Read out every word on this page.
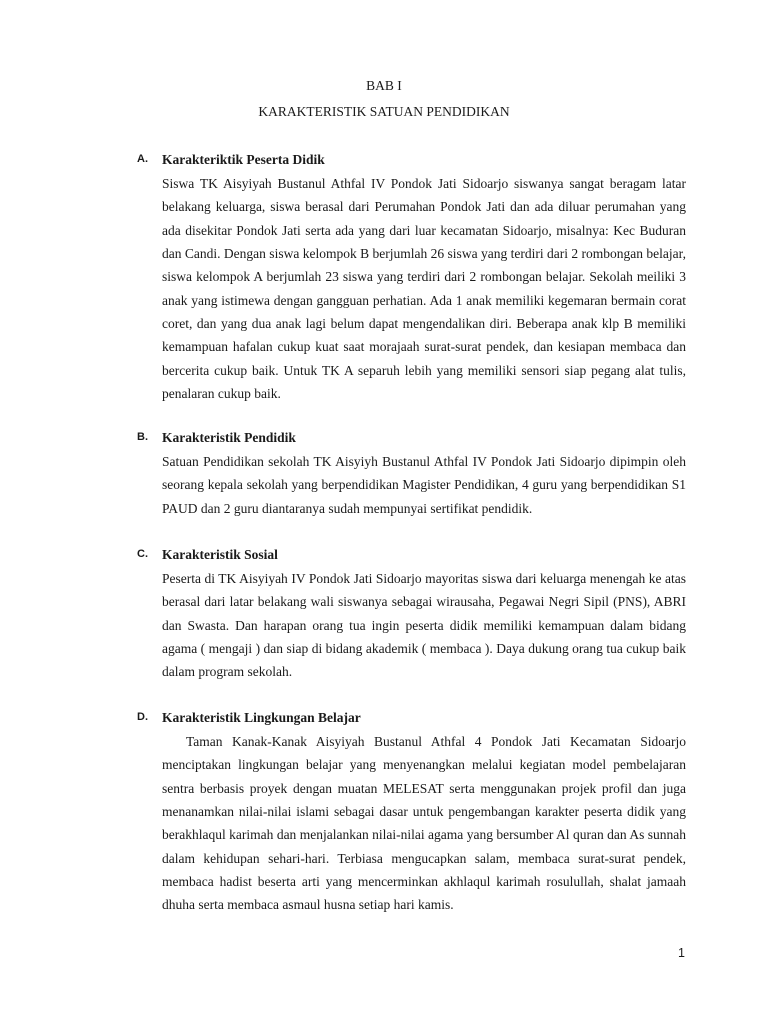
BAB I
KARAKTERISTIK SATUAN PENDIDIKAN
A. Karakteriktik Peserta Didik

Siswa TK Aisyiyah Bustanul Athfal IV Pondok Jati Sidoarjo siswanya sangat beragam latar belakang keluarga, siswa berasal dari Perumahan Pondok Jati dan ada diluar perumahan yang ada disekitar Pondok Jati serta ada yang dari luar kecamatan Sidoarjo, misalnya: Kec Buduran dan Candi. Dengan siswa kelompok B berjumlah 26 siswa yang terdiri dari 2 rombongan belajar, siswa kelompok A berjumlah 23 siswa yang terdiri dari 2 rombongan belajar. Sekolah meiliki 3 anak yang istimewa dengan gangguan perhatian. Ada 1 anak memiliki kegemaran bermain corat coret, dan yang dua anak lagi belum dapat mengendalikan diri. Beberapa anak klp B memiliki kemampuan hafalan cukup kuat saat morajaah surat-surat pendek, dan kesiapan membaca dan bercerita cukup baik. Untuk TK A separuh lebih yang memiliki sensori siap pegang alat tulis, penalaran cukup baik.

B. Karakteristik Pendidik

Satuan Pendidikan sekolah TK Aisyiyh Bustanul Athfal IV Pondok Jati Sidoarjo dipimpin oleh seorang kepala sekolah yang berpendidikan Magister Pendidikan, 4 guru yang berpendidikan S1 PAUD dan 2 guru diantaranya sudah mempunyai sertifikat pendidik.

C. Karakteristik Sosial

Peserta di TK Aisyiyah IV Pondok Jati Sidoarjo mayoritas siswa dari keluarga menengah ke atas berasal dari latar belakang wali siswanya sebagai wirausaha, Pegawai Negri Sipil (PNS), ABRI dan Swasta. Dan harapan orang tua ingin peserta didik memiliki kemampuan dalam bidang agama ( mengaji ) dan siap di bidang akademik ( membaca ). Daya dukung orang tua cukup baik dalam program sekolah.

D. Karakteristik Lingkungan Belajar

Taman Kanak-Kanak Aisyiyah Bustanul Athfal 4 Pondok Jati Kecamatan Sidoarjo menciptakan lingkungan belajar yang menyenangkan melalui kegiatan model pembelajaran sentra berbasis proyek dengan muatan MELESAT serta menggunakan projek profil dan juga menanamkan nilai-nilai islami sebagai dasar untuk pengembangan karakter peserta didik yang berakhlaqul karimah dan menjalankan nilai-nilai agama yang bersumber Al quran dan As sunnah dalam kehidupan sehari-hari. Terbiasa mengucapkan salam, membaca surat-surat pendek, membaca hadist beserta arti yang mencerminkan akhlaqul karimah rosulullah, shalat jamaah dhuha serta membaca asmaul husna setiap hari kamis.

1
